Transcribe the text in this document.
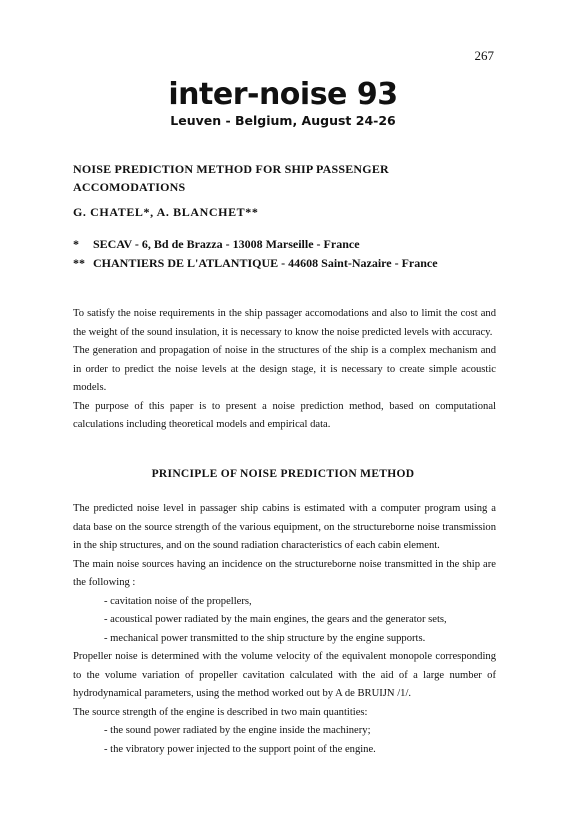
267
inter-noise 93
Leuven - Belgium, August 24-26
NOISE PREDICTION METHOD FOR SHIP PASSENGER
ACCOMODATIONS
G. CHATEL*, A. BLANCHET**
* SECAV - 6, Bd de Brazza - 13008 Marseille - France
** CHANTIERS DE L'ATLANTIQUE - 44608 Saint-Nazaire - France

To satisfy the noise requirements in the ship passager accomodations and also to limit the cost and the weight of the sound insulation, it is necessary to know the noise predicted levels with accuracy.

The generation and propagation of noise in the structures of the ship is a complex mechanism and in order to predict the noise levels at the design stage, it is necessary to create simple acoustic models.

The purpose of this paper is to present a noise prediction method, based on computational calculations including theoretical models and empirical data.

PRINCIPLE OF NOISE PREDICTION METHOD

The predicted noise level in passager ship cabins is estimated with a computer program using a data base on the source strength of the various equipment, on the structureborne noise transmission in the ship structures, and on the sound radiation characteristics of each cabin element.

The main noise sources having an incidence on the structureborne noise transmitted in the ship are the following :

- cavitation noise of the propellers,

- acoustical power radiated by the main engines, the gears and the generator sets,

- mechanical power transmitted to the ship structure by the engine supports.

Propeller noise is determined with the volume velocity of the equivalent monopole corresponding to the volume variation of propeller cavitation calculated with the aid of a large number of hydrodynamical parameters, using the method worked out by A de BRUIJN /1/.

The source strength of the engine is described in two main quantities:

- the sound power radiated by the engine inside the machinery;

- the vibratory power injected to the support point of the engine.
